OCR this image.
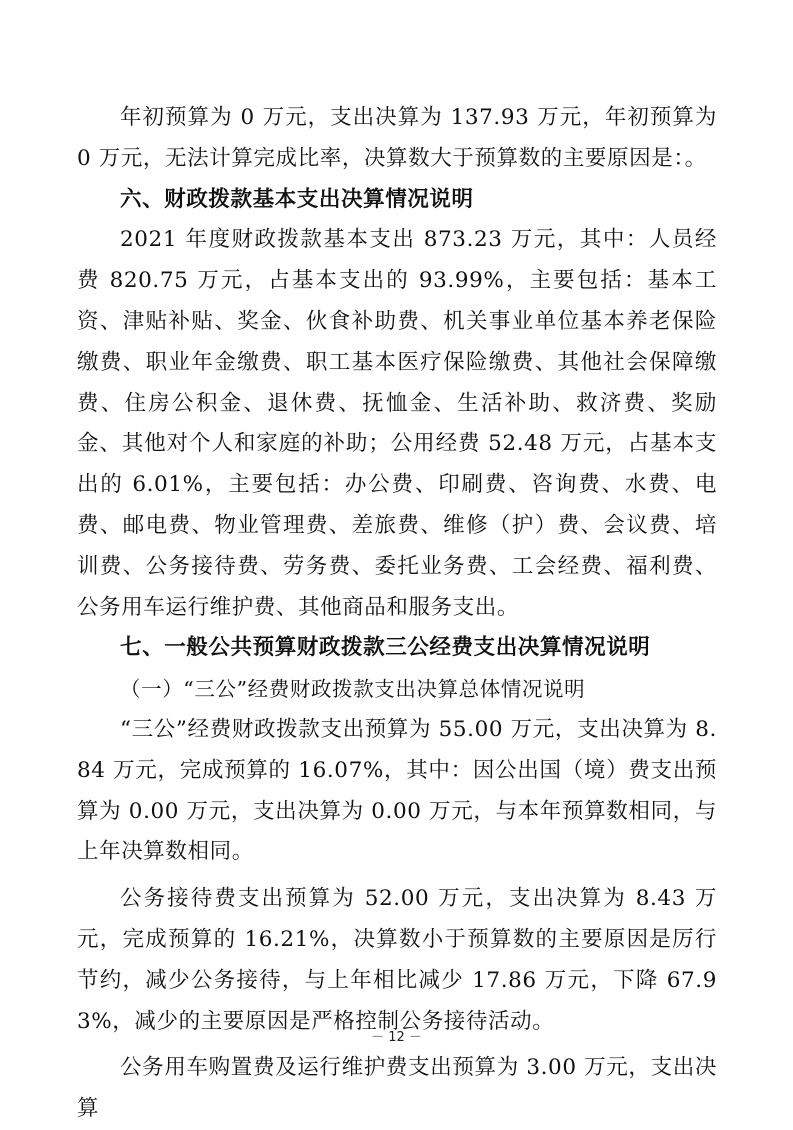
年初预算为 0 万元，支出决算为 137.93 万元，年初预算为 0 万元，无法计算完成比率，决算数大于预算数的主要原因是：。

六、财政拨款基本支出决算情况说明

2021 年度财政拨款基本支出 873.23 万元，其中：人员经费 820.75 万元，占基本支出的 93.99%，主要包括：基本工资、津贴补贴、奖金、伙食补助费、机关事业单位基本养老保险缴费、职业年金缴费、职工基本医疗保险缴费、其他社会保障缴费、住房公积金、退休费、抚恤金、生活补助、救济费、奖励金、其他对个人和家庭的补助；公用经费 52.48 万元，占基本支出的 6.01%，主要包括：办公费、印刷费、咨询费、水费、电费、邮电费、物业管理费、差旅费、维修（护）费、会议费、培训费、公务接待费、劳务费、委托业务费、工会经费、福利费、公务用车运行维护费、其他商品和服务支出。

七、一般公共预算财政拨款三公经费支出决算情况说明

（一）“三公”经费财政拨款支出决算总体情况说明

“三公”经费财政拨款支出预算为 55.00 万元，支出决算为 8.84 万元，完成预算的 16.07%，其中：因公出国（境）费支出预算为 0.00 万元，支出决算为 0.00 万元，与本年预算数相同，与上年决算数相同。

公务接待费支出预算为 52.00 万元，支出决算为 8.43 万元，完成预算的 16.21%，决算数小于预算数的主要原因是厉行节约，减少公务接待，与上年相比减少 17.86 万元，下降 67.93%，减少的主要原因是严格控制公务接待活动。

公务用车购置费及运行维护费支出预算为 3.00 万元，支出决算

－ 12 －
